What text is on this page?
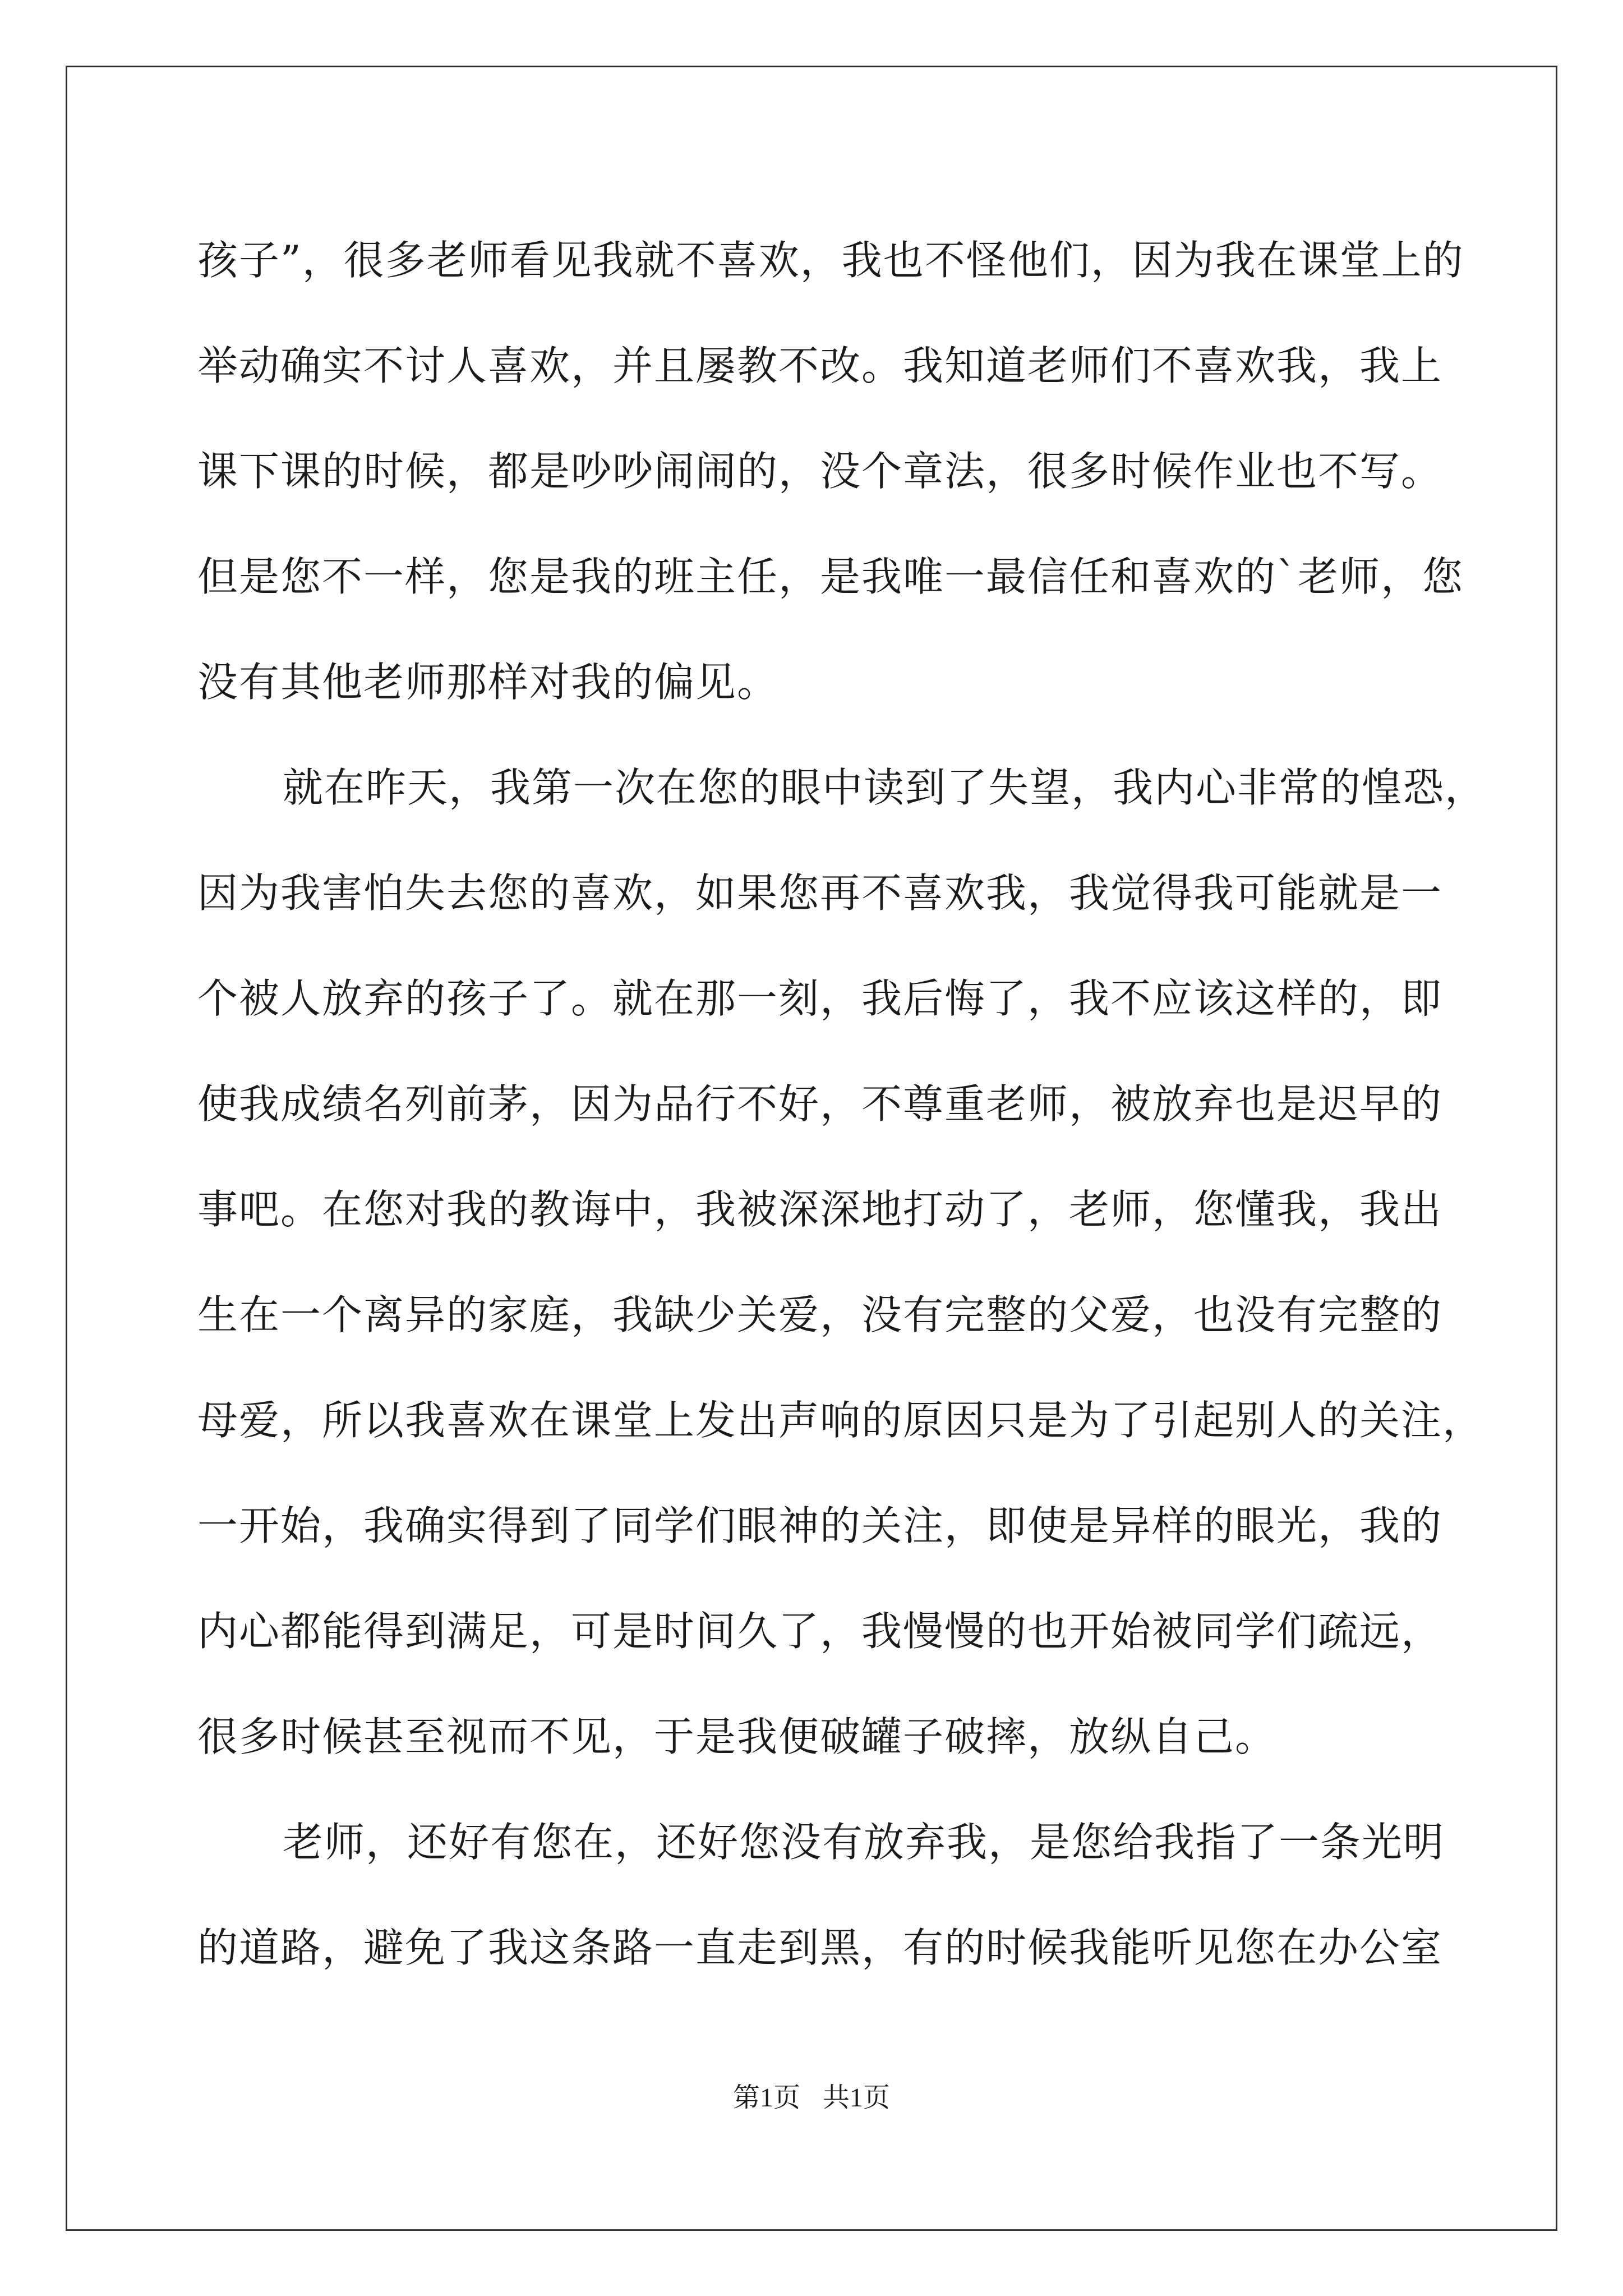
孩子”，很多老师看见我就不喜欢，我也不怪他们，因为我在课堂上的
举动确实不讨人喜欢，并且屡教不改。我知道老师们不喜欢我，我上
课下课的时候，都是吵吵闹闹的，没个章法，很多时候作业也不写。
但是您不一样，您是我的班主任，是我唯一最信任和喜欢的`老师，您
没有其他老师那样对我的偏见。
就在昨天，我第一次在您的眼中读到了失望，我内心非常的惶恐，
因为我害怕失去您的喜欢，如果您再不喜欢我，我觉得我可能就是一
个被人放弃的孩子了。就在那一刻，我后悔了，我不应该这样的，即
使我成绩名列前茅，因为品行不好，不尊重老师，被放弃也是迟早的
事吧。在您对我的教诲中，我被深深地打动了，老师，您懂我，我出
生在一个离异的家庭，我缺少关爱，没有完整的父爱，也没有完整的
母爱，所以我喜欢在课堂上发出声响的原因只是为了引起别人的关注，
一开始，我确实得到了同学们眼神的关注，即使是异样的眼光，我的
内心都能得到满足，可是时间久了，我慢慢的也开始被同学们疏远，
很多时候甚至视而不见，于是我便破罐子破摔，放纵自己。
老师，还好有您在，还好您没有放弃我，是您给我指了一条光明
的道路，避免了我这条路一直走到黑，有的时候我能听见您在办公室
第1页 共1页
